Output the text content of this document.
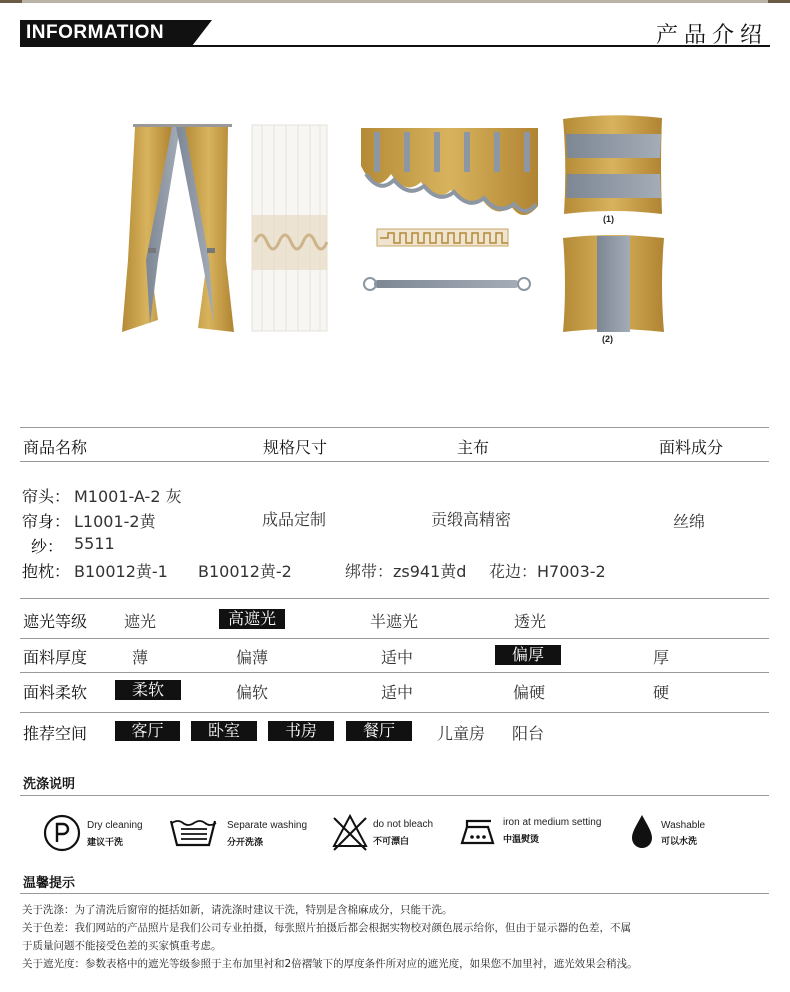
INFORMATION	产品介绍
(1)
(2)
商品名称	规格尺寸	主布	面料成分
帘头： M1001-A-2 灰
帘身： L1001-2黄	成品定制	贡缎高精密	丝绵
纱： 5511
抱枕： B10012黄-1 B10012黄-2	绑带：zs941黄d 花边：H7003-2
遮光等级 遮光	高遮光	半遮光	透光
面料厚度	薄	偏薄	适中	偏厚	厚
面料柔软	柔软	偏软	适中	偏硬	硬
推荐空间	客厅	卧室	书房	餐厅	儿童房 阳台
洗涤说明
Dry cleaning
建议干洗
Separate washing
分开洗涤
do not bleach
不可漂白
iron at medium setting
中温熨烫
Washable
可以水洗
温馨提示

关于洗涤：为了清洗后窗帘的挺括如新，请洗涤时建议干洗，特别是含棉麻成分，只能干洗。

关于色差：我们网站的产品照片是我们公司专业拍摄，每张照片拍摄后都会根据实物校对颜色展示给你，但由于显示器的色差，不属

于质量问题不能接受色差的买家慎重考虑。

关于遮光度：参数表格中的遮光等级参照于主布加里衬和2倍褶皱下的厚度条件所对应的遮光度，如果您不加里衬，遮光效果会稍浅。
